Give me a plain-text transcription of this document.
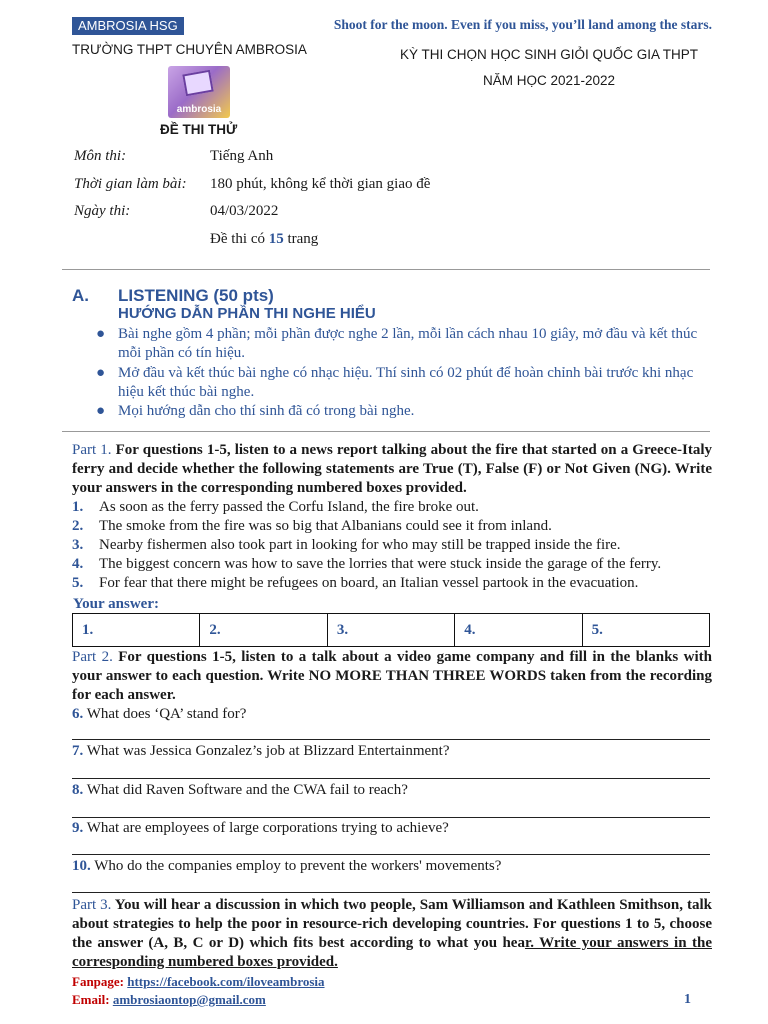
AMBROSIA HSG	Shoot for the moon. Even if you miss, you’ll land among the stars.
TRƯỜNG THPT CHUYÊN AMBROSIA	KỲ THI CHỌN HỌC SINH GIỎI QUỐC GIA THPT
NĂM HỌC 2021-2022
ambrosia
ĐỀ THI THỬ
Môn thi:	Tiếng Anh
Thời gian làm bài: 180 phút, không kể thời gian giao đề
Ngày thi:	04/03/2022
Đề thi có 15 trang
A. LISTENING (50 pts)
HƯỚNG DẪN PHẦN THI NGHE HIỂU
● Bài nghe gồm 4 phần; mỗi phần được nghe 2 lần, mỗi lần cách nhau 10 giây, mở đầu và kết thúc mỗi phần có tín hiệu.
● Mở đầu và kết thúc bài nghe có nhạc hiệu. Thí sinh có 02 phút để hoàn chỉnh bài trước khi nhạc hiệu kết thúc bài nghe.
● Mọi hướng dẫn cho thí sinh đã có trong bài nghe.
Part 1. For questions 1-5, listen to a news report talking about the fire that started on a Greece-Italy ferry and decide whether the following statements are True (T), False (F) or Not Given (NG). Write your answers in the corresponding numbered boxes provided.
1. As soon as the ferry passed the Corfu Island, the fire broke out.
2. The smoke from the fire was so big that Albanians could see it from inland.
3. Nearby fishermen also took part in looking for who may still be trapped inside the fire.
4. The biggest concern was how to save the lorries that were stuck inside the garage of the ferry.
5. For fear that there might be refugees on board, an Italian vessel partook in the evacuation.
Your answer:
1.	2.	3.	4.	5.
Part 2. For questions 1-5, listen to a talk about a video game company and fill in the blanks with your answer to each question. Write NO MORE THAN THREE WORDS taken from the recording for each answer.
6. What does ‘QA’ stand for?
7. What was Jessica Gonzalez’s job at Blizzard Entertainment?
8. What did Raven Software and the CWA fail to reach?
9. What are employees of large corporations trying to achieve?
10. Who do the companies employ to prevent the workers' movements?
Part 3. You will hear a discussion in which two people, Sam Williamson and Kathleen Smithson, talk about strategies to help the poor in resource-rich developing countries. For questions 1 to 5, choose the answer (A, B, C or D) which fits best according to what you hear. Write your answers in the corresponding numbered boxes provided.
Fanpage: https://facebook.com/iloveambrosia
Email: ambrosiaontop@gmail.com	1
